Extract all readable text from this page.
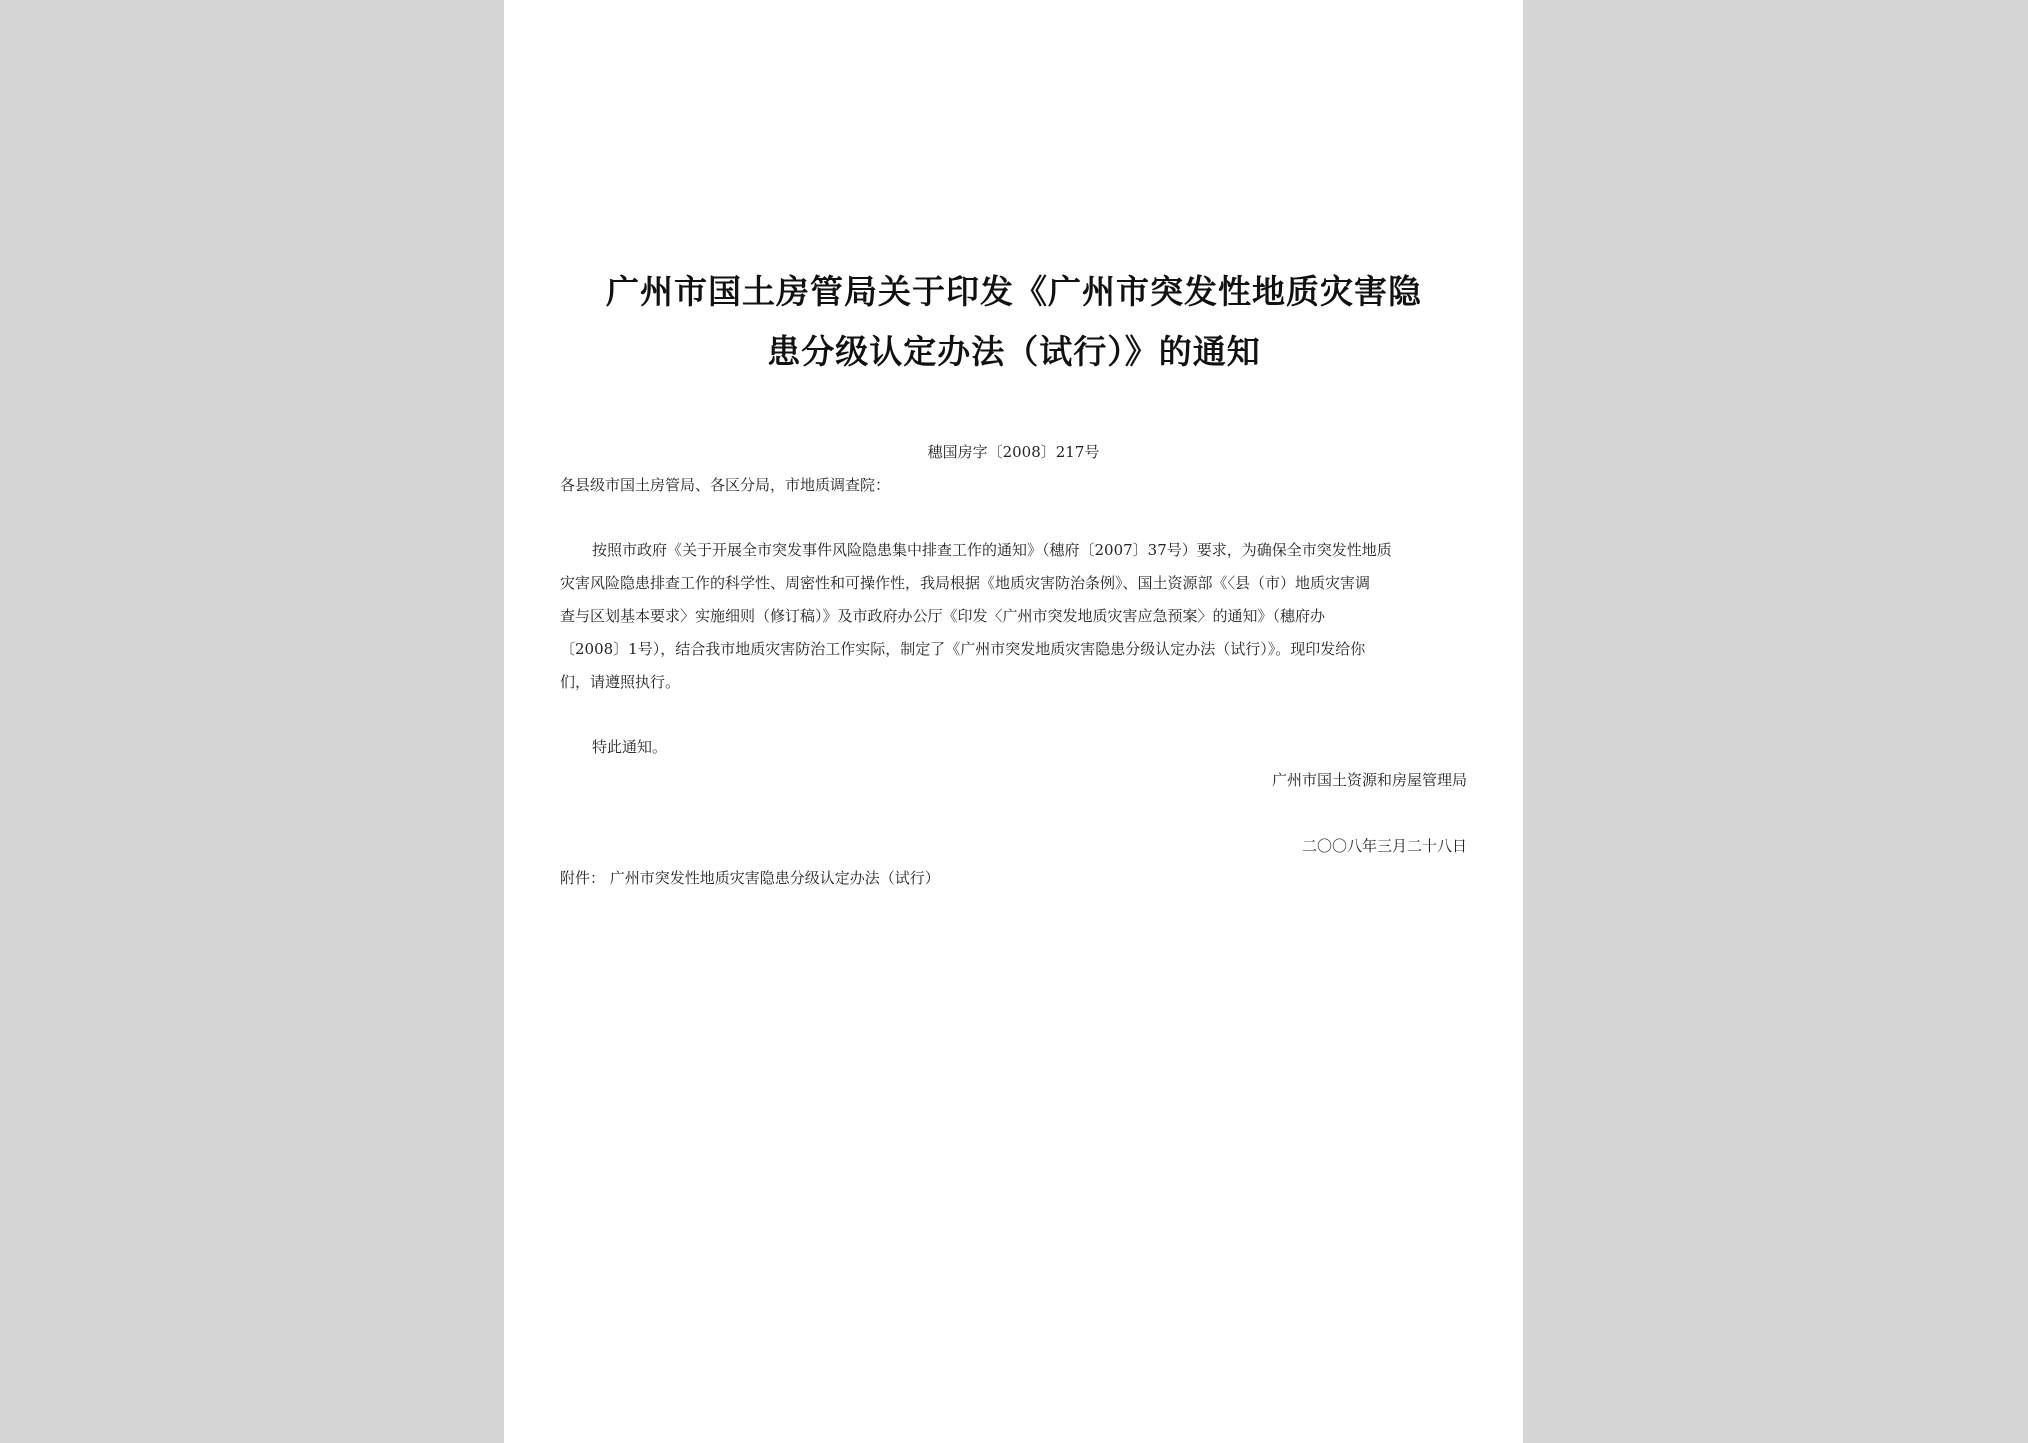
广州市国土房管局关于印发《广州市突发性地质灾害隐
患分级认定办法（试行）》的通知
穗国房字〔2008〕217号
各县级市国土房管局、各区分局，市地质调查院：
按照市政府《关于开展全市突发事件风险隐患集中排查工作的通知》（穗府〔2007〕37号）要求，为确保全市突发性地质
灾害风险隐患排查工作的科学性、周密性和可操作性，我局根据《地质灾害防治条例》、国土资源部《〈县（市）地质灾害调
查与区划基本要求〉实施细则（修订稿）》及市政府办公厅《印发〈广州市突发地质灾害应急预案〉的通知》（穗府办
〔2008〕1号），结合我市地质灾害防治工作实际，制定了《广州市突发地质灾害隐患分级认定办法（试行）》。现印发给你
们，请遵照执行。
特此通知。
广州市国土资源和房屋管理局
二〇〇八年三月二十八日
附件： 广州市突发性地质灾害隐患分级认定办法（试行）
